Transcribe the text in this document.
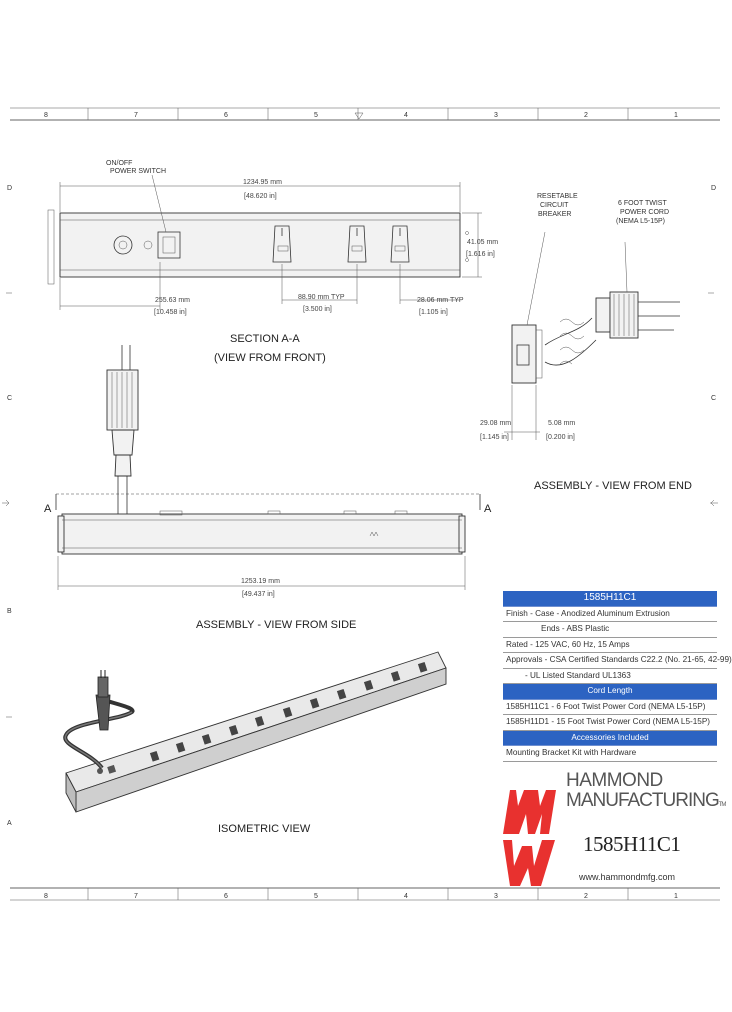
8	7	6	5	4	3	2	1
8	7	6	5	4	3	2	1
D
C
B
A
D
C
ON/OFF
POWER SWITCH
1234.95 mm
[48.620 in]
41.05 mm
[1.616 in]
255.63 mm
[10.458 in]
88.90 mm TYP
[3.500 in]
28.06 mm TYP
[1.105 in]
SECTION A-A
(VIEW FROM FRONT)
RESETABLE
CIRCUIT
BREAKER
6 FOOT TWIST
POWER CORD
(NEMA L5-15P)
29.08 mm
[1.145 in]
5.08 mm
[0.200 in]
ASSEMBLY - VIEW FROM END
A	A
1253.19 mm
[49.437 in]
ASSEMBLY - VIEW FROM SIDE
ISOMETRIC VIEW
1585H11C1
Finish - Case - Anodized Aluminum Extrusion
Ends - ABS Plastic
Rated - 125 VAC, 60 Hz, 15 Amps
Approvals - CSA Certified Standards C22.2 (No. 21-65, 42-99)
- UL Listed Standard UL1363
Cord Length
1585H11C1 - 6 Foot Twist Power Cord (NEMA L5-15P)
1585H11D1 - 15 Foot Twist Power Cord (NEMA L5-15P)
Accessories Included
Mounting Bracket Kit with Hardware
HAMMOND
MANUFACTURINGTM
1585H11C1
www.hammondmfg.com
